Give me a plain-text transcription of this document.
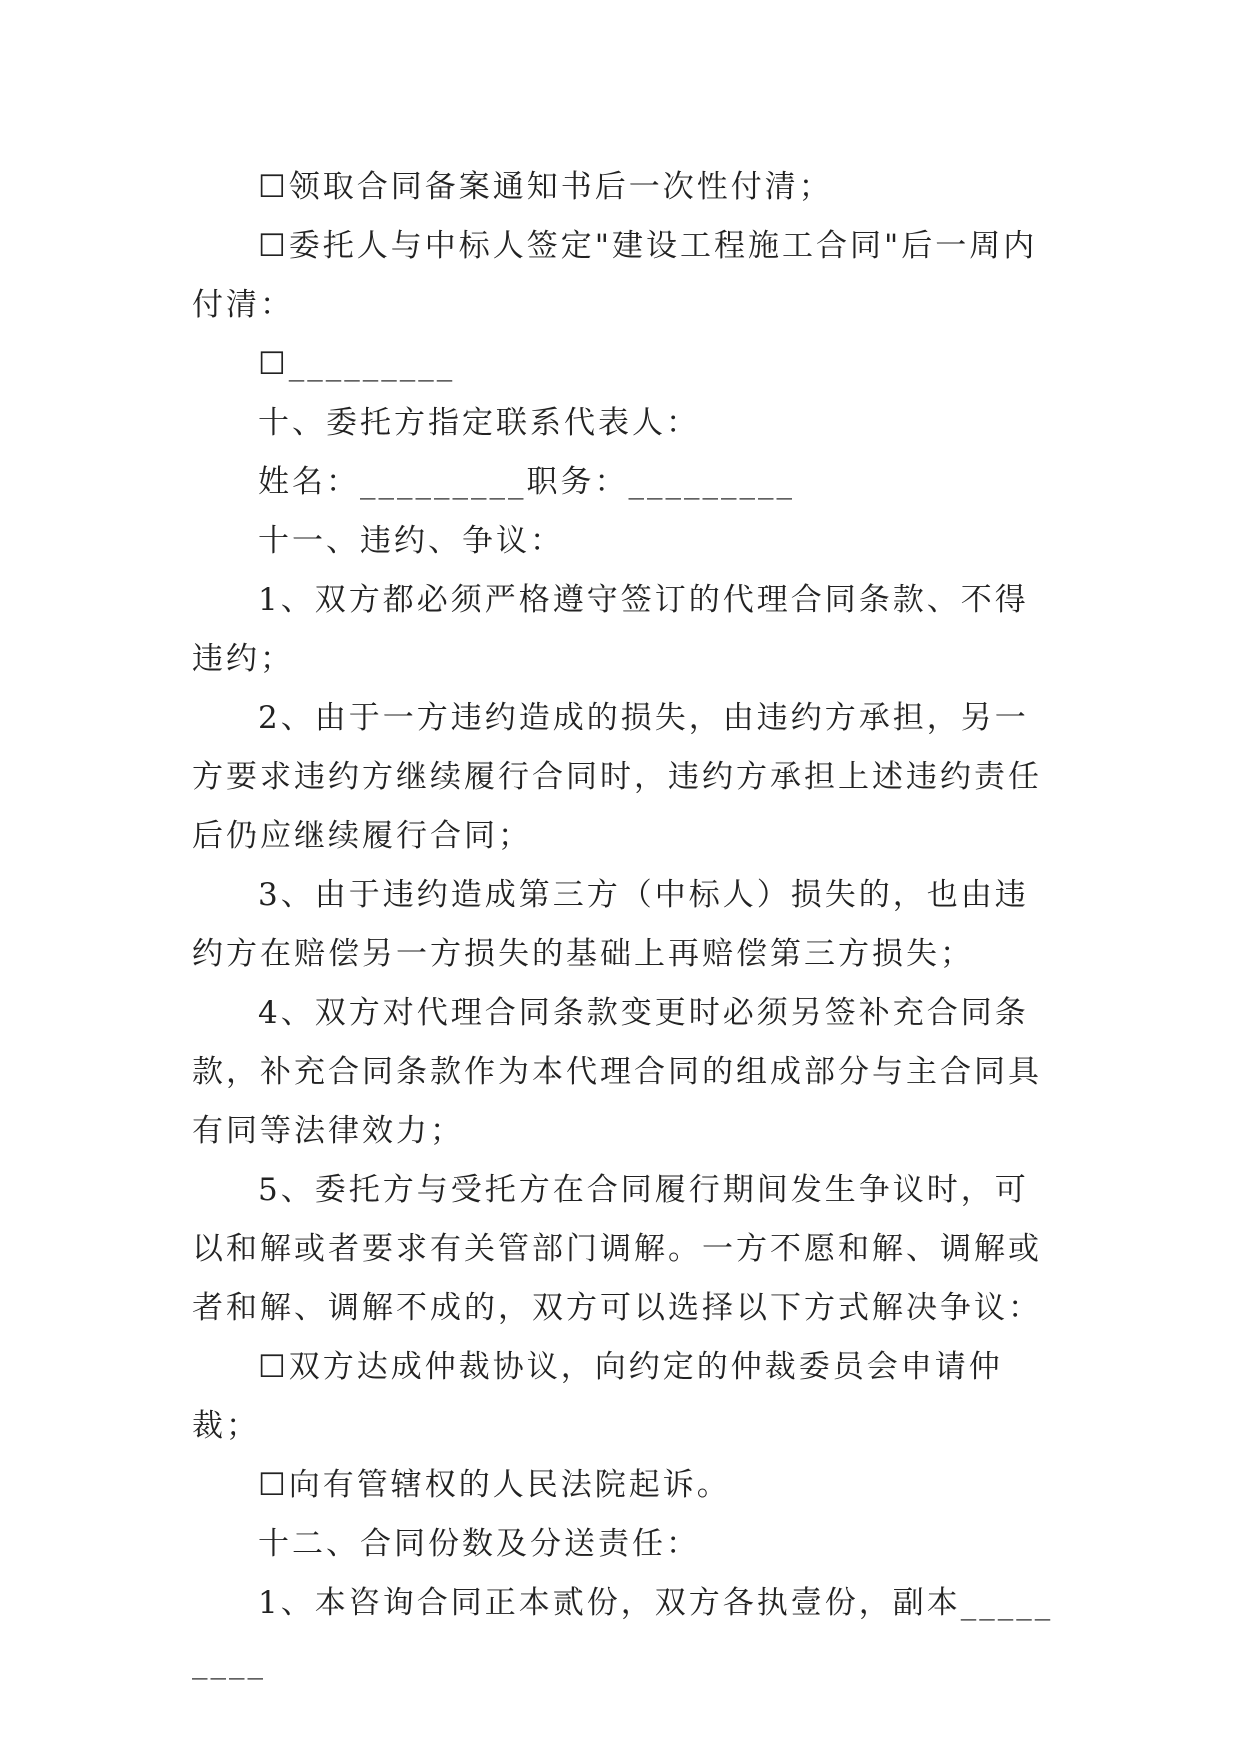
☐领取合同备案通知书后一次性付清；

☐委托人与中标人签定"建设工程施工合同"后一周内付清：

☐_________

十、委托方指定联系代表人：

姓名：_________职务：_________

十一、违约、争议：

1、双方都必须严格遵守签订的代理合同条款、不得违约；

2、由于一方违约造成的损失，由违约方承担，另一方要求违约方继续履行合同时，违约方承担上述违约责任后仍应继续履行合同；

3、由于违约造成第三方（中标人）损失的，也由违约方在赔偿另一方损失的基础上再赔偿第三方损失；

4、双方对代理合同条款变更时必须另签补充合同条款，补充合同条款作为本代理合同的组成部分与主合同具有同等法律效力；

5、委托方与受托方在合同履行期间发生争议时，可以和解或者要求有关管部门调解。一方不愿和解、调解或者和解、调解不成的，双方可以选择以下方式解决争议：

☐双方达成仲裁协议，向约定的仲裁委员会申请仲裁；

☐向有管辖权的人民法院起诉。

十二、合同份数及分送责任：

1、本咨询合同正本贰份，双方各执壹份，副本_________
